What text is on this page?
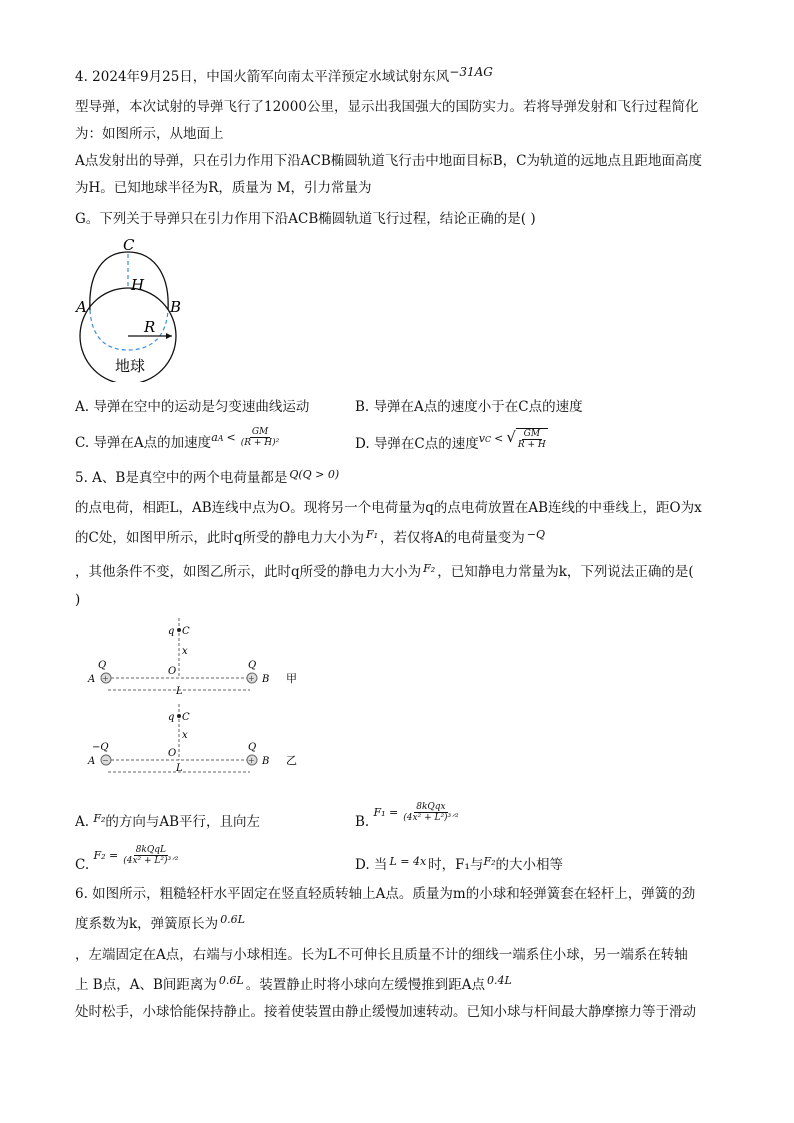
4. 2024年9月25日，中国火箭军向南太平洋预定水域试射东风−31AG
型导弹，本次试射的导弹飞行了12000公里，显示出我国强大的国防实力。若将导弹发射和飞行过程简化
为：如图所示，从地面上
A点发射出的导弹，只在引力作用下沿ACB椭圆轨道飞行击中地面目标B，C为轨道的远地点且距地面高度
为H。已知地球半径为R，质量为 M，引力常量为
G。下列关于导弹只在引力作用下沿ACB椭圆轨道飞行过程，结论正确的是( )
C
H
A	B
R
地球
A. 导弹在空中的运动是匀变速曲线运动	B. 导弹在A点的速度小于在C点的速度
C. 导弹在A点的加速度$^{aA}$ $^< \frac{GM}{\text{(R + H)²}}$	D. 导弹在C点的速度$^{vC}$ < √ $\frac{GM}{R + H}$
5. A、B是真空中的两个电荷量都是 $^{Q(Q > 0)}$
的点电荷，相距L，AB连线中点为O。现将另一个电荷量为q的点电荷放置在AB连线的中垂线上，距O为x
的C处，如图甲所示，此时q所受的静电力大小为 $^{F_1}$ ，若仅将A的电荷量变为 $^{-Q}$
，其他条件不变，如图乙所示，此时q所受的静电力大小为 $^{F_2}$ ，已知静电力常量为k，下列说法正确的是(
)
q C
x
+	+
Q	Q
A
O
B
L
甲
q C
x
−	+
−Q	Q
A
O
B
L
乙
A. $^{F_2}$的方向与AB平行，且向左	B. $^{F_1 =} \frac{\text{8kQqx}}{\text{(4x² + L²)³ᐟ²}}$
C. $^{F_2 =} \frac{\text{8kQqL}}{\text{(4x² + L²)³ᐟ²}}$	D. 当 $^{L = 4x}$ 时，F₁与$^{F_2}$的大小相等
6. 如图所示，粗糙轻杆水平固定在竖直轻质转轴上A点。质量为m的小球和轻弹簧套在轻杆上，弹簧的劲
度系数为k，弹簧原长为 $^{0.6L}$
，左端固定在A点，右端与小球相连。长为L不可伸长且质量不计的细线一端系住小球，另一端系在转轴
上 B点，A、B间距离为 $^{0.6L}$ 。装置静止时将小球向左缓慢推到距A点 $^{0.4L}$
处时松手，小球恰能保持静止。接着使装置由静止缓慢加速转动。已知小球与杆间最大静摩擦力等于滑动
